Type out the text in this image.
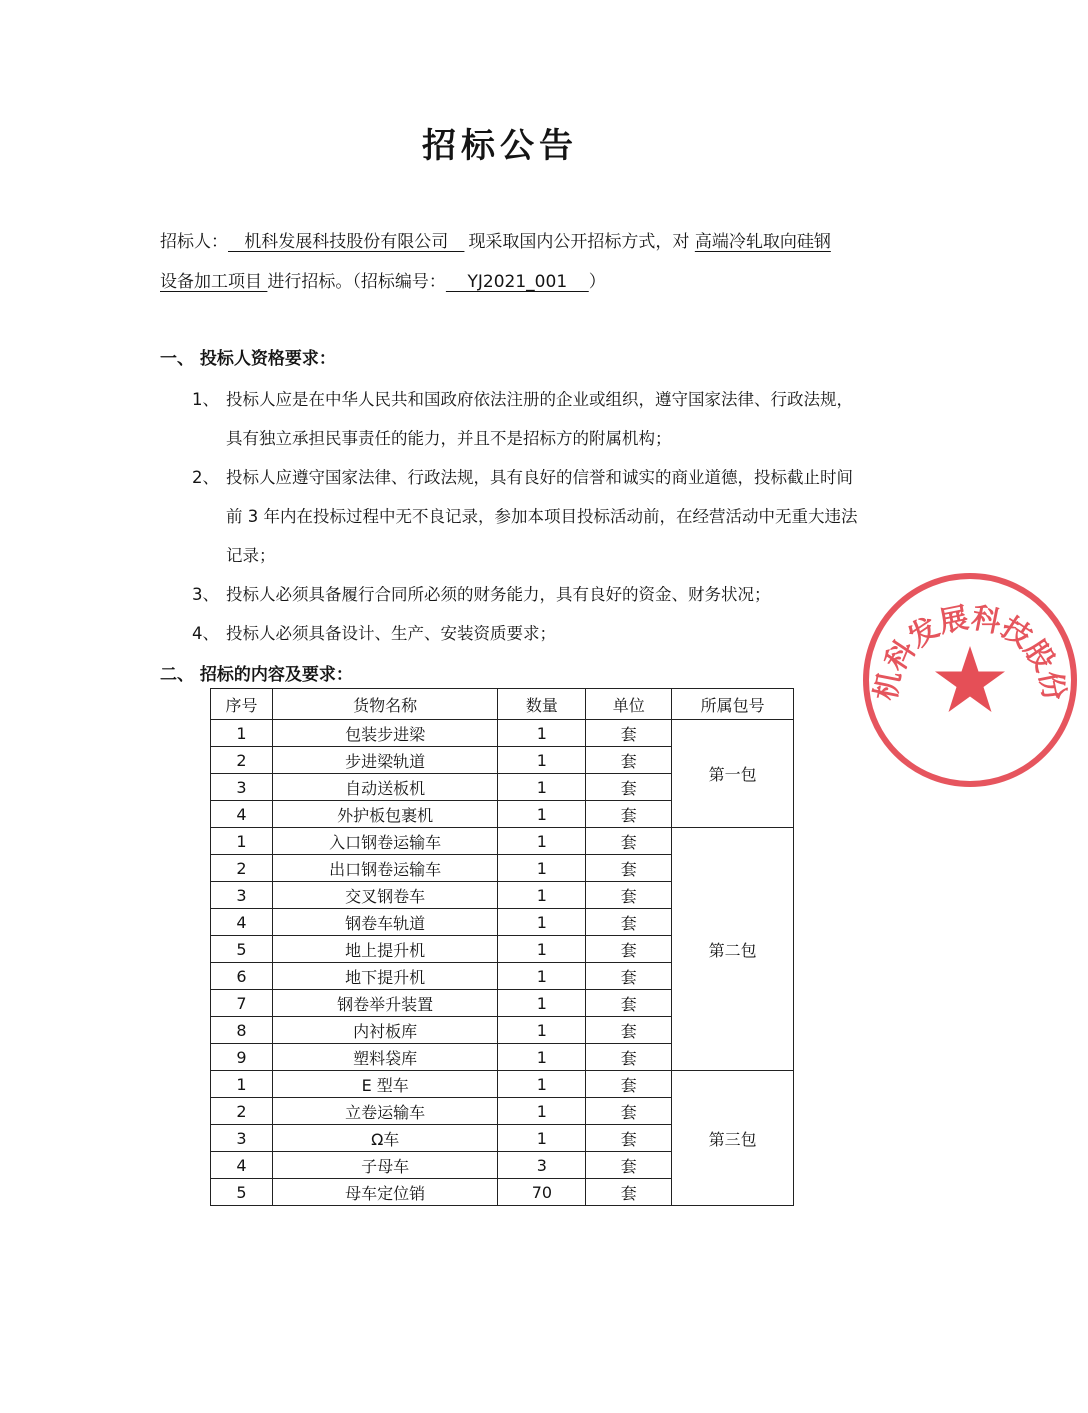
招标公告
招标人：   机科发展科技股份有限公司   现采取国内公开招标方式，对 高端冷轧取向硅钢
设备加工项目 进行招标。（招标编号：    YJ2021_001    ）
一、 投标人资格要求：
1、 投标人应是在中华人民共和国政府依法注册的企业或组织，遵守国家法律、行政法规，具有独立承担民事责任的能力，并且不是招标方的附属机构；
2、 投标人应遵守国家法律、行政法规，具有良好的信誉和诚实的商业道德，投标截止时间前 3 年内在投标过程中无不良记录，参加本项目投标活动前，在经营活动中无重大违法记录；
3、 投标人必须具备履行合同所必须的财务能力，具有良好的资金、财务状况；
4、 投标人必须具备设计、生产、安装资质要求；
二、 招标的内容及要求：
序号	货物名称	数量	单位	所属包号
1	包装步进梁	1	套	第一包
2	步进梁轨道	1	套	
3	自动送板机	1	套	
4	外护板包裹机	1	套	
1	入口钢卷运输车	1	套	第二包
2	出口钢卷运输车	1	套	
3	交叉钢卷车	1	套	
4	钢卷车轨道	1	套	
5	地上提升机	1	套	
6	地下提升机	1	套	
7	钢卷举升装置	1	套	
8	内衬板库	1	套	
9	塑料袋库	1	套	
1	E 型车	1	套	第三包
2	立卷运输车	1	套	
3	Ω车	1	套	
4	子母车	3	套	
5	母车定位销	70	套	
机科发展科技股份
